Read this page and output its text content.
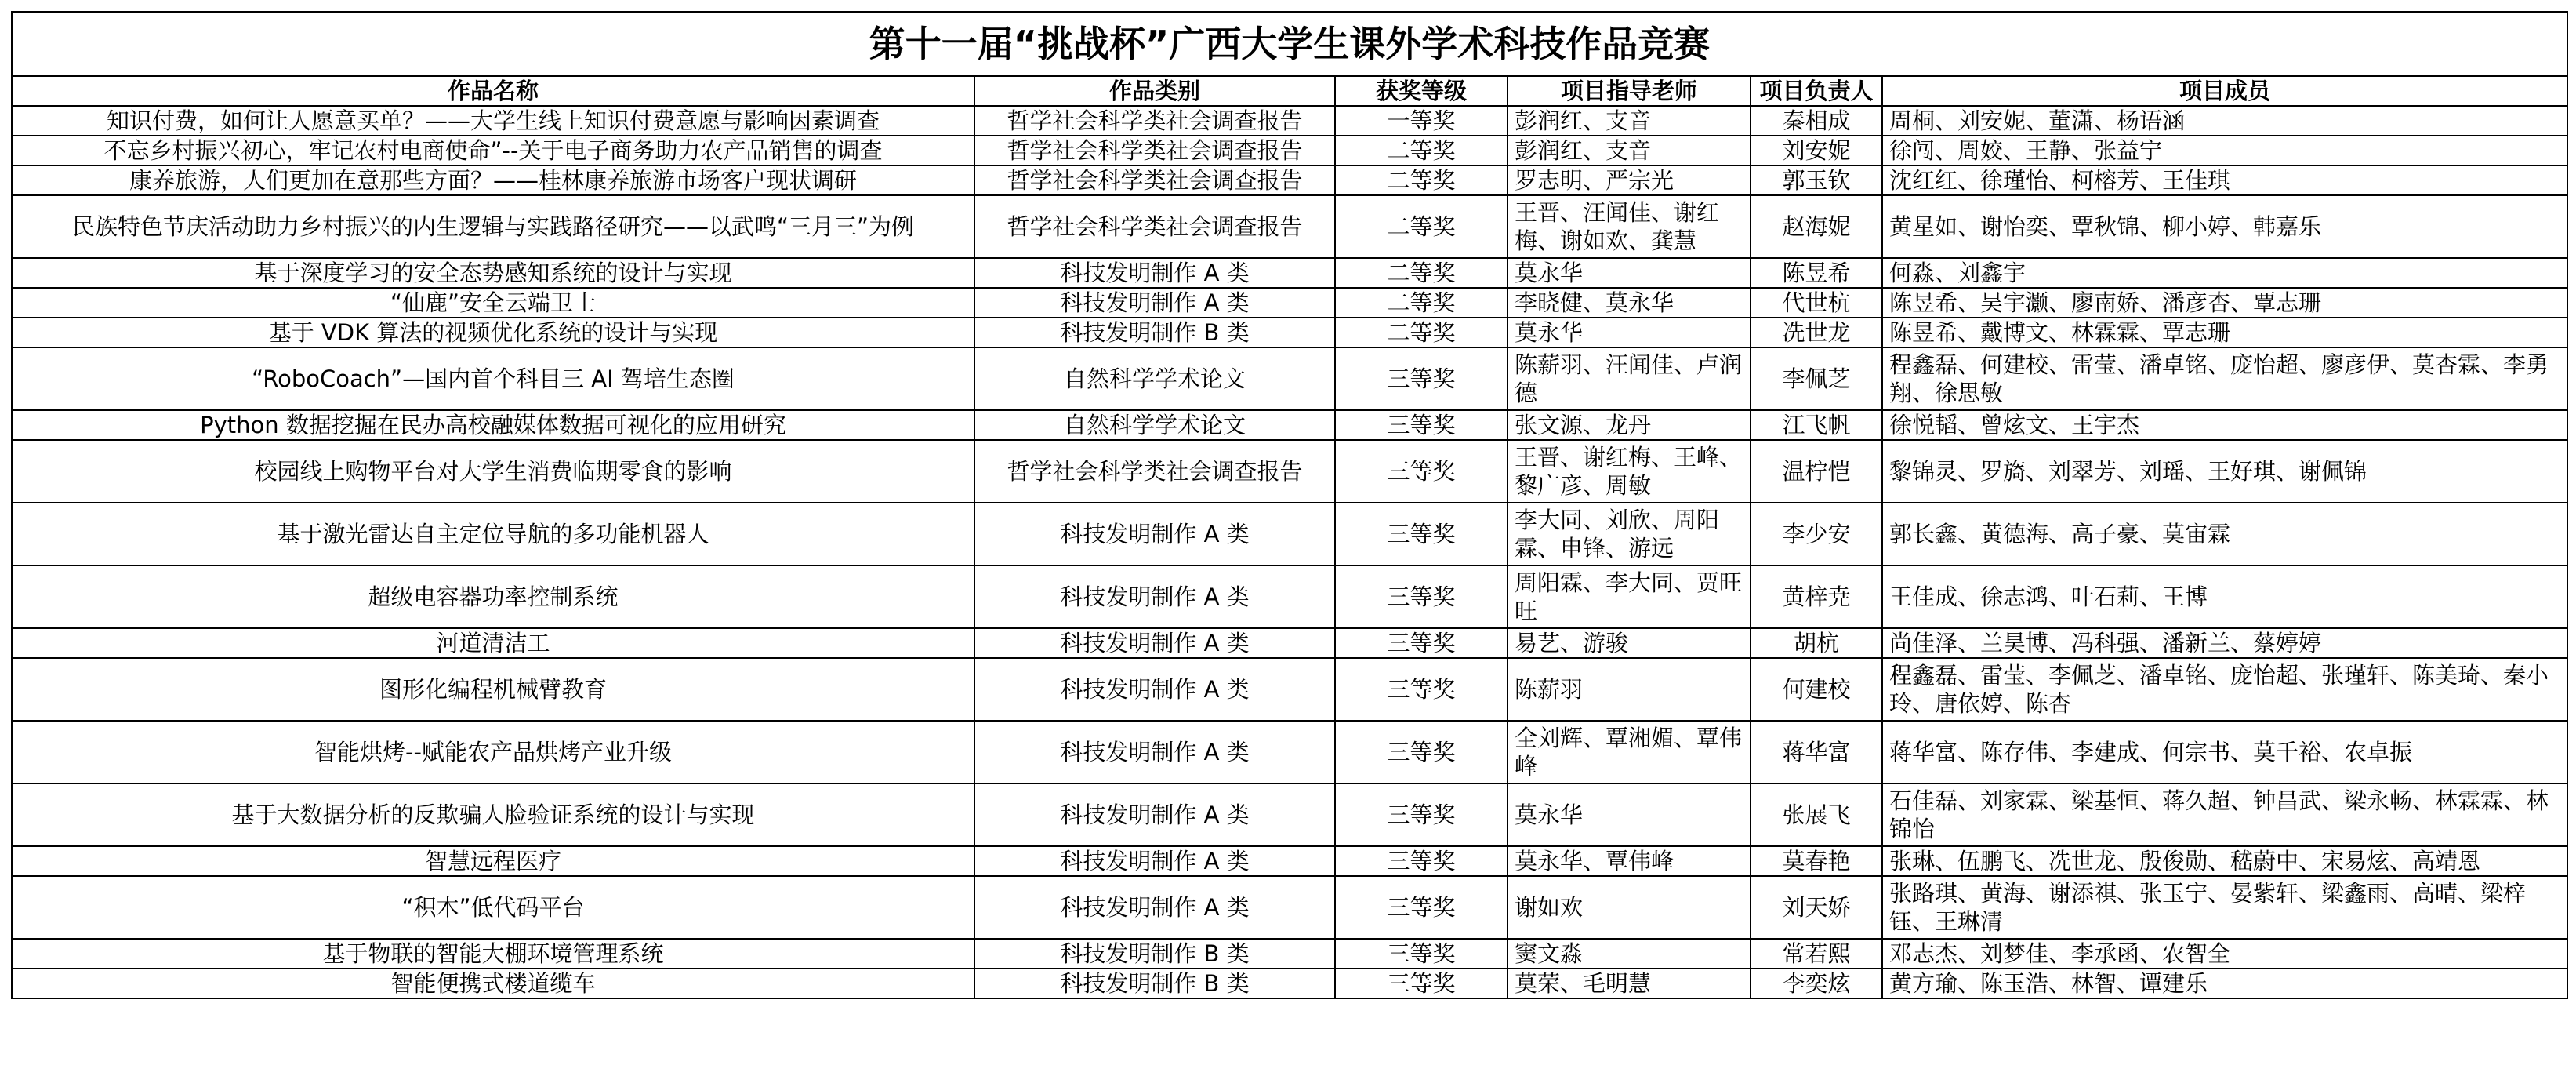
第十一届“挑战杯”广西大学生课外学术科技作品竞赛					
作品名称	作品类别	获奖等级	项目指导老师	项目负责人	项目成员
知识付费，如何让人愿意买单？——大学生线上知识付费意愿与影响因素调查	哲学社会科学类社会调查报告	一等奖	彭润红、支音	秦相成	周桐、刘安妮、董潇、杨语涵
不忘乡村振兴初心，牢记农村电商使命”--关于电子商务助力农产品销售的调查	哲学社会科学类社会调查报告	二等奖	彭润红、支音	刘安妮	徐闯、周姣、王静、张益宁
康养旅游，人们更加在意那些方面？——桂林康养旅游市场客户现状调研	哲学社会科学类社会调查报告	二等奖	罗志明、严宗光	郭玉钦	沈红红、徐瑾怡、柯榕芳、王佳琪
民族特色节庆活动助力乡村振兴的内生逻辑与实践路径研究——以武鸣“三月三”为例	哲学社会科学类社会调查报告	二等奖	王晋、汪闻佳、谢红梅、谢如欢、龚慧	赵海妮	黄星如、谢怡奕、覃秋锦、柳小婷、韩嘉乐
基于深度学习的安全态势感知系统的设计与实现	科技发明制作 A 类	二等奖	莫永华	陈昱希	何淼、刘鑫宇
“仙鹿”安全云端卫士	科技发明制作 A 类	二等奖	李晓健、莫永华	代世杭	陈昱希、吴宇灏、廖南娇、潘彦杏、覃志珊
基于 VDK 算法的视频优化系统的设计与实现	科技发明制作 B 类	二等奖	莫永华	冼世龙	陈昱希、戴博文、林霖霖、覃志珊
“RoboCoach”—国内首个科目三 AI 驾培生态圈	自然科学学术论文	三等奖	陈薪羽、汪闻佳、卢润德	李佩芝	程鑫磊、何建校、雷莹、潘卓铭、庞怡超、廖彦伊、莫杏霖、李勇翔、徐思敏
Python 数据挖掘在民办高校融媒体数据可视化的应用研究	自然科学学术论文	三等奖	张文源、龙丹	江飞帆	徐悦韬、曾炫文、王宇杰
校园线上购物平台对大学生消费临期零食的影响	哲学社会科学类社会调查报告	三等奖	王晋、谢红梅、王峰、黎广彦、周敏	温柠恺	黎锦灵、罗旖、刘翠芳、刘瑶、王好琪、谢佩锦
基于激光雷达自主定位导航的多功能机器人	科技发明制作 A 类	三等奖	李大同、刘欣、周阳霖、申锋、游远	李少安	郭长鑫、黄德海、高子豪、莫宙霖
超级电容器功率控制系统	科技发明制作 A 类	三等奖	周阳霖、李大同、贾旺旺	黄梓尭	王佳成、徐志鸿、叶石莉、王博
河道清洁工	科技发明制作 A 类	三等奖	易艺、游骏	胡杭	尚佳泽、兰昊博、冯科强、潘新兰、蔡婷婷
图形化编程机械臂教育	科技发明制作 A 类	三等奖	陈薪羽	何建校	程鑫磊、雷莹、李佩芝、潘卓铭、庞怡超、张瑾轩、陈美琦、秦小玲、唐依婷、陈杏
智能烘烤--赋能农产品烘烤产业升级	科技发明制作 A 类	三等奖	全刘辉、覃湘媚、覃伟峰	蒋华富	蒋华富、陈存伟、李建成、何宗书、莫千裕、农卓振
基于大数据分析的反欺骗人脸验证系统的设计与实现	科技发明制作 A 类	三等奖	莫永华	张展飞	石佳磊、刘家霖、梁基恒、蒋久超、钟昌武、梁永畅、林霖霖、林锦怡
智慧远程医疗	科技发明制作 A 类	三等奖	莫永华、覃伟峰	莫春艳	张琳、伍鹏飞、冼世龙、殷俊勋、嵇蔚中、宋易炫、高靖恩
“积木”低代码平台	科技发明制作 A 类	三等奖	谢如欢	刘天娇	张路琪、黄海、谢添祺、张玉宁、晏紫轩、梁鑫雨、高晴、梁梓钰、王琳清
基于物联的智能大棚环境管理系统	科技发明制作 B 类	三等奖	窦文淼	常若熙	邓志杰、刘梦佳、李承函、农智全
智能便携式楼道缆车	科技发明制作 B 类	三等奖	莫荣、毛明慧	李奕炫	黄方瑜、陈玉浩、林智、谭建乐
